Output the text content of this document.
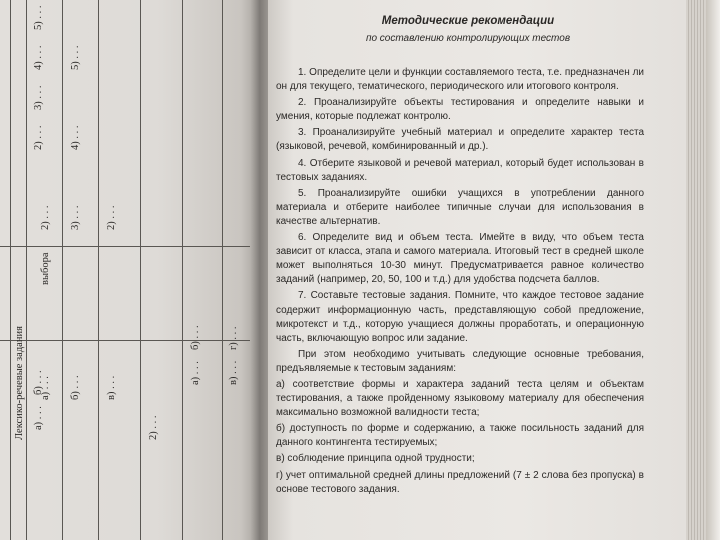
2) . . .
3) . . .
4) . . .
5) . . .
а) . . .
б) . . .
выбора
2) . . . 3) . . .
4) . . .
5) . . .
2) . . .
Лексико-речевые задания а) . . . б) . . . в) . . .
2) . . .
а) . . .
б) . . .
в) . . .
г) . . .
Методические рекомендации
по составлению контролирующих тестов

1. Определите цели и функции составляемого теста, т.е. предназначен ли он для текущего, тематического, периодического или итогового контроля.

2. Проанализируйте объекты тестирования и определите навыки и умения, которые подлежат контролю.

3. Проанализируйте учебный материал и определите характер теста (языковой, речевой, комбинированный и др.).

4. Отберите языковой и речевой материал, который будет использован в тестовых заданиях.

5. Проанализируйте ошибки учащихся в употреблении данного материала и отберите наиболее типичные случаи для использования в качестве альтернатив.

6. Определите вид и объем теста. Имейте в виду, что объем теста зависит от класса, этапа и самого материала. Итоговый тест в средней школе может выполняться 10-30 минут. Предусматривается равное количество заданий (например, 20, 50, 100 и т.д.) для удобства подсчета баллов.

7. Составьте тестовые задания. Помните, что каждое тестовое задание содержит информационную часть, представляющую собой предложение, микротекст и т.д., которую учащиеся должны проработать, и операционную часть, включающую вопрос или задание.

При этом необходимо учитывать следующие основные требования, предъявляемые к тестовым заданиям:

а) соответствие формы и характера заданий теста целям и объектам тестирования, а также пройденному языковому материалу для обеспечения максимально возможной валидности теста;

б) доступность по форме и содержанию, а также посильность заданий для данного контингента тестируемых;

в) соблюдение принципа одной трудности;

г) учет оптимальной средней длины предложений (7 ± 2 слова без пропуска) в основе тестового задания.
